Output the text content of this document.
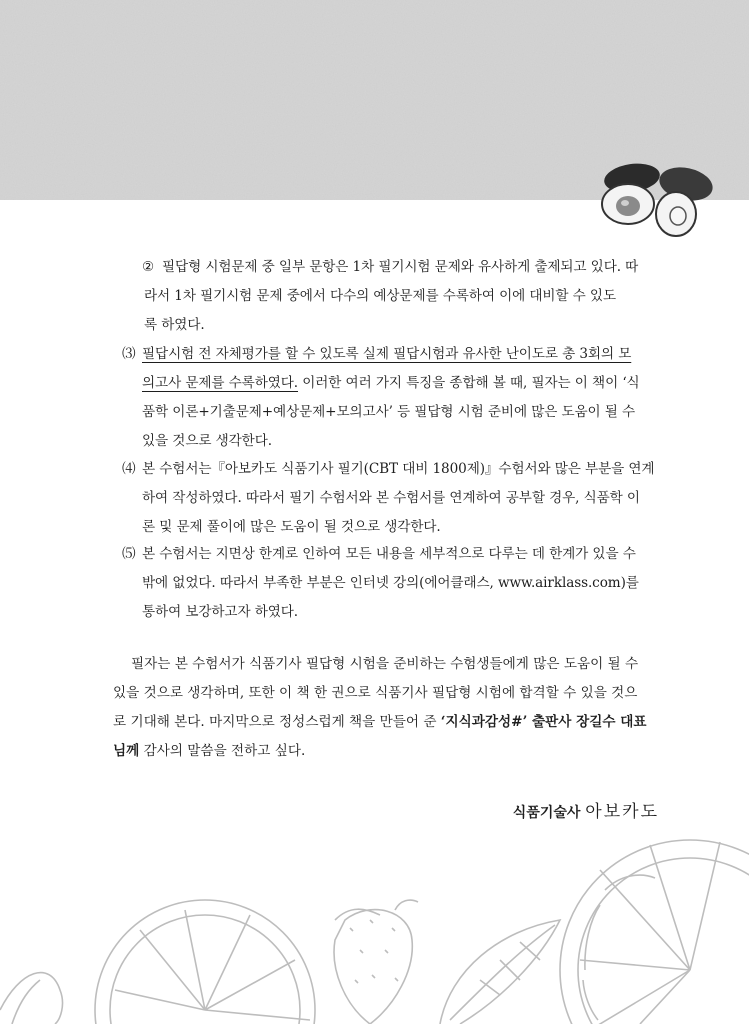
② 필답형 시험문제 중 일부 문항은 1차 필기시험 문제와 유사하게 출제되고 있다. 따
라서 1차 필기시험 문제 중에서 다수의 예상문제를 수록하여 이에 대비할 수 있도
록 하였다.
⑶ 필답시험 전 자체평가를 할 수 있도록 실제 필답시험과 유사한 난이도로 총 3회의 모
의고사 문제를 수록하였다. 이러한 여러 가지 특징을 종합해 볼 때, 필자는 이 책이 ‘식
품학 이론+기출문제+예상문제+모의고사’ 등 필답형 시험 준비에 많은 도움이 될 수
있을 것으로 생각한다.
⑷ 본 수험서는『아보카도 식품기사 필기(CBT 대비 1800제)』수험서와 많은 부분을 연계
하여 작성하였다. 따라서 필기 수험서와 본 수험서를 연계하여 공부할 경우, 식품학 이
론 및 문제 풀이에 많은 도움이 될 것으로 생각한다.
⑸ 본 수험서는 지면상 한계로 인하여 모든 내용을 세부적으로 다루는 데 한계가 있을 수
밖에 없었다. 따라서 부족한 부분은 인터넷 강의(에어클래스, www.airklass.com)를
통하여 보강하고자 하였다.
필자는 본 수험서가 식품기사 필답형 시험을 준비하는 수험생들에게 많은 도움이 될 수
있을 것으로 생각하며, 또한 이 책 한 권으로 식품기사 필답형 시험에 합격할 수 있을 것으
로 기대해 본다. 마지막으로 정성스럽게 책을 만들어 준 ‘지식과감성#’ 출판사 장길수 대표
님께 감사의 말씀을 전하고 싶다.
식품기술사 아보카도
